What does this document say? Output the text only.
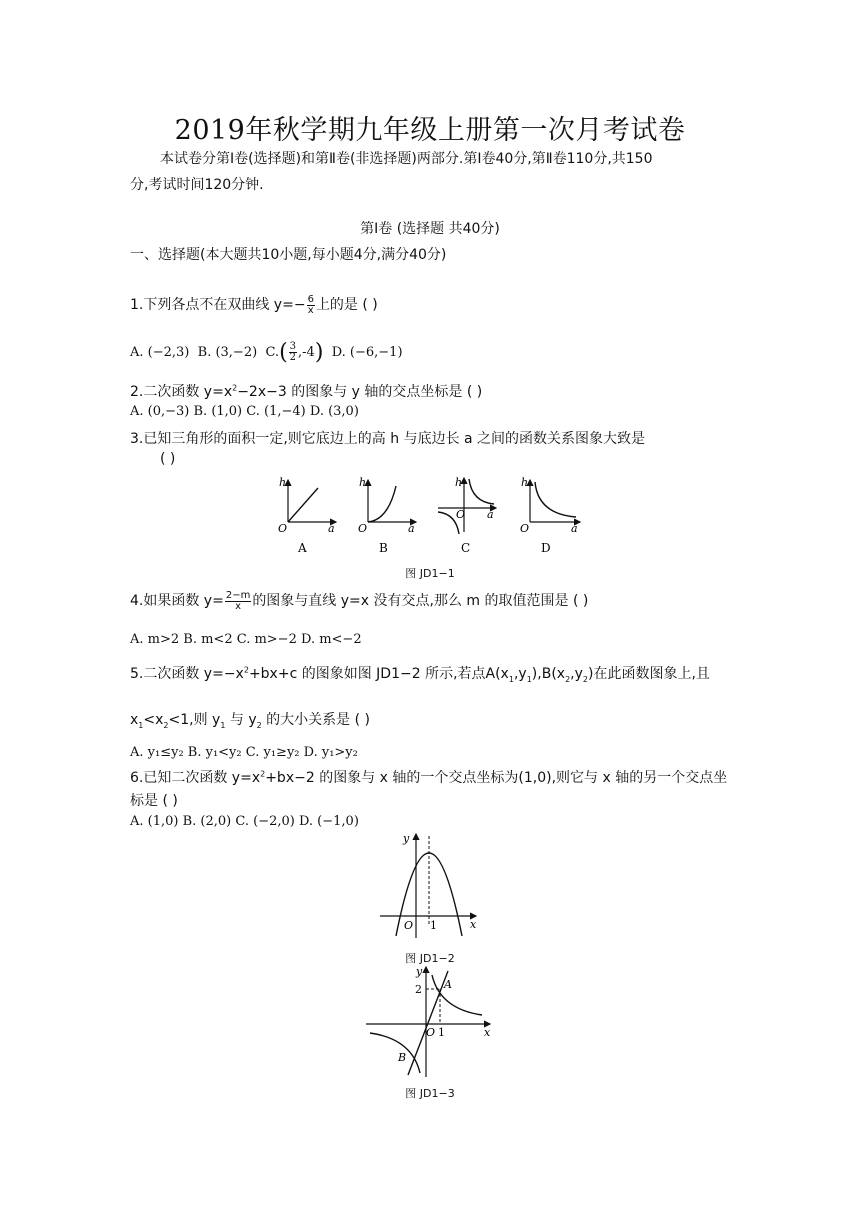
2019年秋学期九年级上册第一次月考试卷
本试卷分第Ⅰ卷(选择题)和第Ⅱ卷(非选择题)两部分.第Ⅰ卷40分,第Ⅱ卷110分,共150
分,考试时间120分钟.
第Ⅰ卷 (选择题 共40分)
一、选择题(本大题共10小题,每小题4分,满分40分)
1.下列各点不在双曲线 $y=- \frac{6}{x}$ 上的是 ( )
A. (−2,3) B. (3,−2) $C.( \frac{3}{2} ,-4)$ D. (−6,−1)
2.二次函数 $y=x^2-2x-3$ 的图象与 y 轴的交点坐标是 ( )
A. (0,−3) B. (1,0) C. (1,−4) D. (3,0)
3.已知三角形的面积一定,则它底边上的高 h 与底边长 a 之间的函数关系图象大致是
( )
h
O	a
A
h
O	a
B
h
O a
C
h
O	a
D
图 JD1−1
4.如果函数 $y= \frac{2-m}{x}$ 的图象与直线 y=x 没有交点,那么 m 的取值范围是 ( )
A. m>2 B. m<2 C. m>−2 D. m<−2
5.二次函数 $y=-x^2+bx+c$ 的图象如图 JD1−2 所示,若点$A(x_1,y_1),B(x_2,y_2)$在此函数图象上,且
$x_1<x_2<1$,则 $y_1$ 与 $y_2$ 的大小关系是 ( )
A. y₁≤y₂ B. y₁<y₂ C. y₁≥y₂ D. y₁>y₂
6.已知二次函数 $y=x^2+bx-2$ 的图象与 x 轴的一个交点坐标为(1,0),则它与 x 轴的另一个交点坐
标是 ( )
A. (1,0) B. (2,0) C. (−2,0) D. (−1,0)
y
x
O 1
图 JD1−2
y
x
2
O 1
A
B
图 JD1−3
